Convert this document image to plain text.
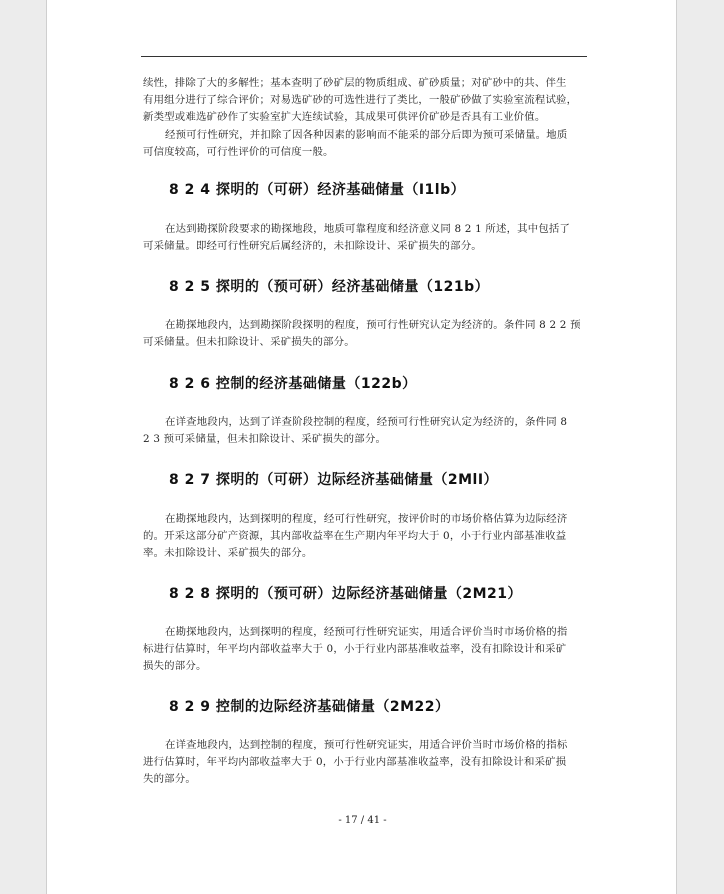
续性，排除了大的多解性；基本查明了砂矿层的物质组成、矿砂质量；对矿砂中的共、伴生
有用组分进行了综合评价；对易选矿砂的可选性进行了类比，一般矿砂做了实验室流程试验，
新类型或难选矿砂作了实验室扩大连续试验，其成果可供评价矿砂是否具有工业价值。

经预可行性研究，并扣除了因各种因素的影响而不能采的部分后即为预可采储量。地质
可信度较高，可行性评价的可信度一般。

8 2 4 探明的（可研）经济基础储量（I1lb）

在达到勘探阶段要求的勘探地段，地质可靠程度和经济意义同 8 2 1 所述，其中包括了
可采储量。即经可行性研究后属经济的，未扣除设计、采矿损失的部分。

8 2 5 探明的（预可研）经济基础储量（121b）

在勘探地段内，达到勘探阶段探明的程度，预可行性研究认定为经济的。条件同 8 2 2 预
可采储量。但未扣除设计、采矿损失的部分。

8 2 6 控制的经济基础储量（122b）

在详查地段内，达到了详查阶段控制的程度，经预可行性研究认定为经济的，条件同 8
2 3 预可采储量，但未扣除设计、采矿损失的部分。

8 2 7 探明的（可研）边际经济基础储量（2MlI）

在勘探地段内，达到探明的程度，经可行性研究，按评价时的市场价格估算为边际经济
的。开采这部分矿产资源，其内部收益率在生产期内年平均大于 0，小于行业内部基准收益
率。未扣除设计、采矿损失的部分。

8 2 8 探明的（预可研）边际经济基础储量（2M21）

在勘探地段内，达到探明的程度，经预可行性研究证实，用适合评价当时市场价格的指
标进行估算时，年平均内部收益率大于 0，小于行业内部基准收益率，没有扣除设计和采矿
损失的部分。

8 2 9 控制的边际经济基础储量（2M22）

在详查地段内，达到控制的程度，预可行性研究证实，用适合评价当时市场价格的指标
进行估算时，年平均内部收益率大于 0，小于行业内部基准收益率，没有扣除设计和采矿损
失的部分。

- 17 / 41 -
